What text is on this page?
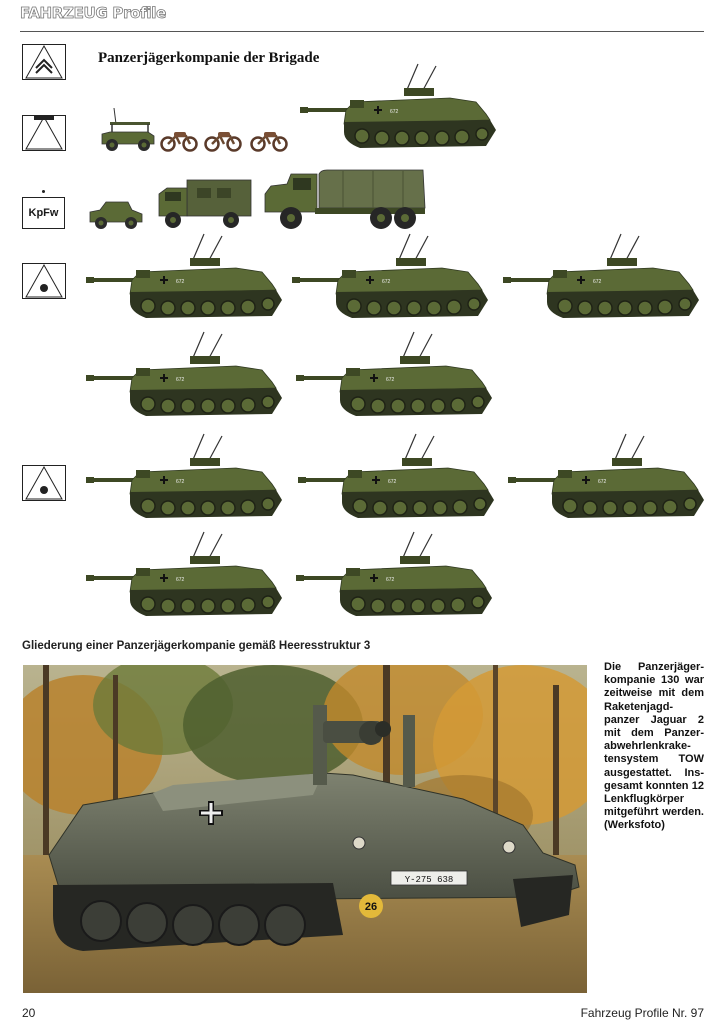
FAHRZEUG Profile
Panzerjägerkompanie der Brigade
KpFw
672
672	672	672
672	672
672	672	672
672	672
Gliederung einer Panzerjägerkompanie gemäß Heeresstruktur 3
Y-275 638
26
Die Panzerjäger-kompanie 130 war zeitweise mit dem Raketenjagd-panzer Jaguar 2 mit dem Panzer-abwehrlenkrake-tensystem TOW ausgestattet. Ins-gesamt konnten 12 Lenkflugkörper mitgeführt werden. (Werksfoto)
20	Fahrzeug Profile Nr. 97
